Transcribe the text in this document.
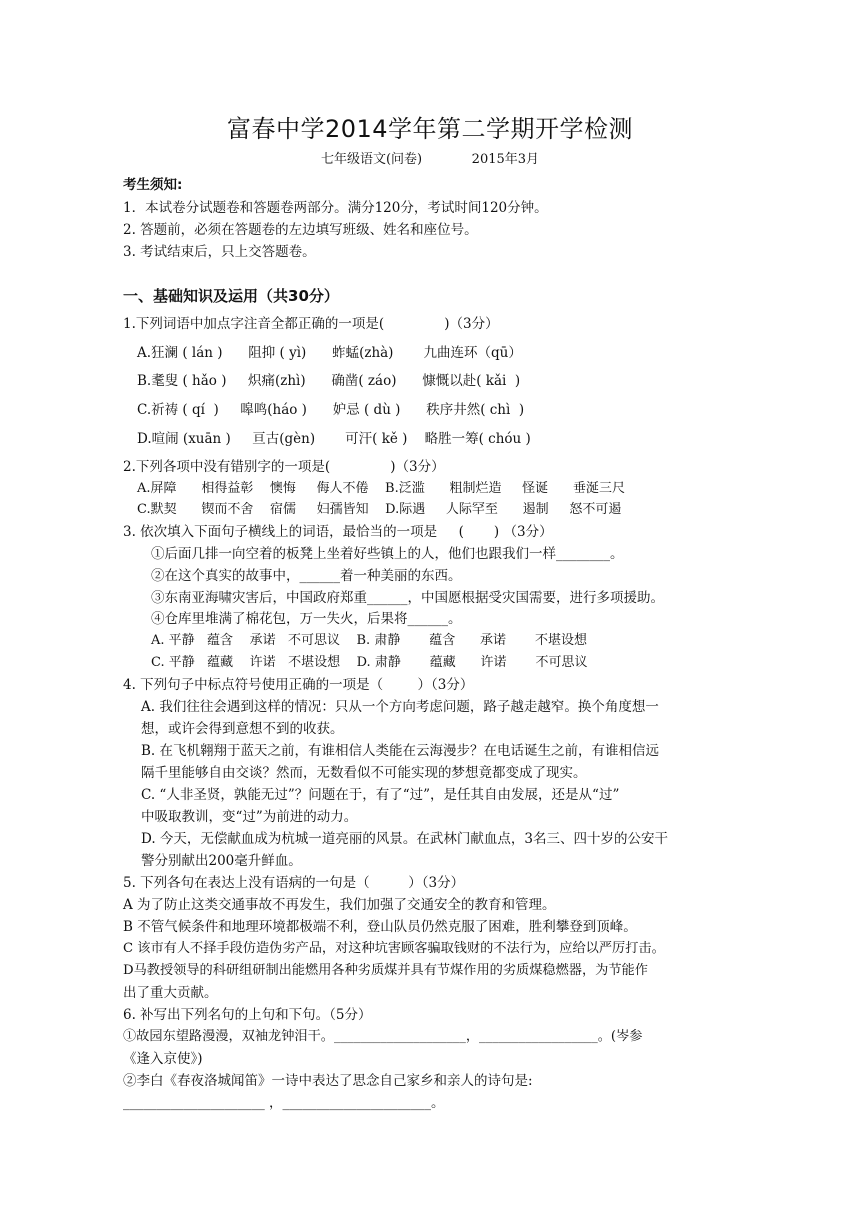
富春中学2014学年第二学期开学检测
七年级语文(问卷)            2015年3月
考生须知:
1．本试卷分试题卷和答题卷两部分。满分120分，考试时间120分钟。
2. 答题前，必须在答题卷的左边填写班级、姓名和座位号。
3. 考试结束后，只上交答题卷。
一、基础知识及运用（共30分）
1.下列词语中加点字注音全都正确的一项是(              )（3分）
A.狂澜 ( lán )      阻抑 ( yì)      蚱蜢(zhà)       九曲连环（qū）
B.耄叟 ( hǎo )     炽痛(zhì)      确凿( záo)      慷慨以赴( kǎi  )
C.祈祷 ( qí  )     嗥鸣(háo )      妒忌 ( dù )      秩序井然( chì  )
D.喧闹 (xuān )     亘古(gèn)       可汗( kě )    略胜一筹( chóu )
2.下列各项中没有错别字的一项是(              )（3分）
A.屏障      相得益彰    懊悔     侮人不倦    B.泛滥      粗制烂造     怪诞      垂涎三尺
C.默契      锲而不舍    宿儒     妇孺皆知    D.际遇     人际罕至      遏制     怒不可遏
3. 依次填入下面句子横线上的词语，最恰当的一项是     (       ) （3分）
①后面几排一向空着的板凳上坐着好些镇上的人，他们也跟我们一样________。
②在这个真实的故事中，______着一种美丽的东西。
③东南亚海啸灾害后，中国政府郑重______，中国愿根据受灾国需要，进行多项援助。
④仓库里堆满了棉花包，万一失火，后果将______。
A. 平静   蕴含    承诺   不可思议    B. 肃静       蕴含      承诺       不堪设想
C. 平静   蕴藏    许诺   不堪设想    D. 肃静       蕴藏      许诺       不可思议
4. 下列句子中标点符号使用正确的一项是（        ）（3分）
A. 我们往往会遇到这样的情况：只从一个方向考虑问题，路子越走越窄。换个角度想一
想，或许会得到意想不到的收获。
B. 在飞机翱翔于蓝天之前，有谁相信人类能在云海漫步？在电话诞生之前，有谁相信远
隔千里能够自由交谈？然而，无数看似不可能实现的梦想竟都变成了现实。
C. “人非圣贤，孰能无过”？问题在于，有了“过”，是任其自由发展，还是从“过”
中吸取教训，变“过”为前进的动力。
D. 今天，无偿献血成为杭城一道亮丽的风景。在武林门献血点，3名三、四十岁的公安干
警分别献出200毫升鲜血。
5. 下列各句在表达上没有语病的一句是（         ）（3分）
A 为了防止这类交通事故不再发生，我们加强了交通安全的教育和管理。
B 不管气候条件和地理环境都极端不利，登山队员仍然克服了困难，胜利攀登到顶峰。
C 该市有人不择手段仿造伪劣产品，对这种坑害顾客骗取钱财的不法行为，应给以严厉打击。
D马教授领导的科研组研制出能燃用各种劣质煤并具有节煤作用的劣质煤稳燃器，为节能作
出了重大贡献。
6. 补写出下列名句的上句和下句。（5分）
①故园东望路漫漫，双袖龙钟泪干。____________________，__________________。(岑参
《逢入京使》)
②李白《春夜洛城闻笛》一诗中表达了思念自己家乡和亲人的诗句是:
_____________________ ，______________________。
